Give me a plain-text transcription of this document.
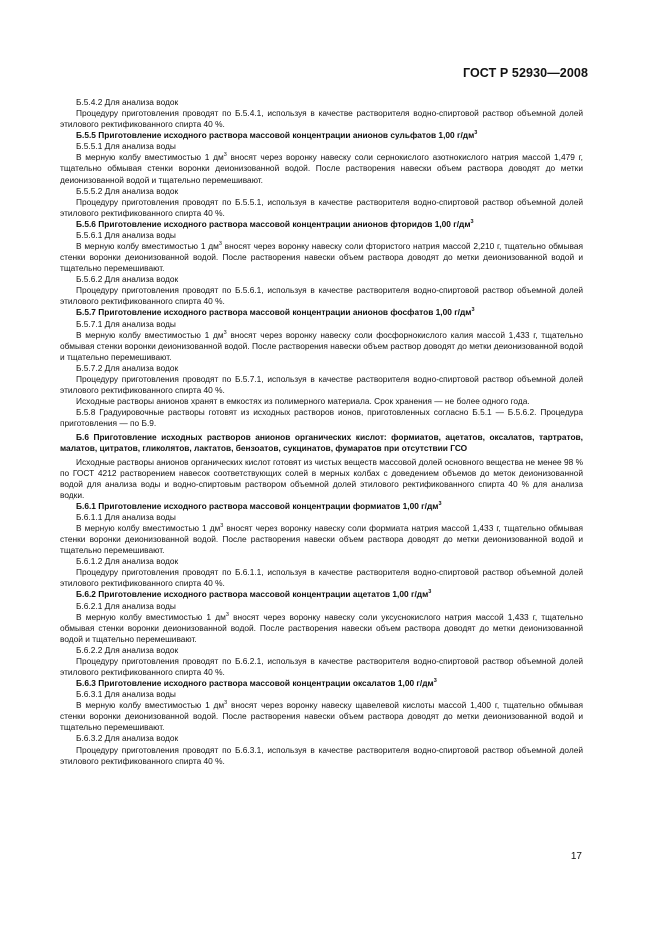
ГОСТ Р 52930—2008

Б.5.4.2 Для анализа водок

Процедуру приготовления проводят по Б.5.4.1, используя в качестве растворителя водно-спиртовой раствор объемной долей этилового ректификованного спирта 40 %.

Б.5.5 Приготовление исходного раствора массовой концентрации анионов сульфатов 1,00 $г/дм^3$

Б.5.5.1 Для анализа воды

В мерную колбу вместимостью 1 $дм^3$ вносят через воронку навеску соли сернокислого азотнокислого натрия массой 1,479 г, тщательно обмывая стенки воронки деионизованной водой. После растворения навески объем раствора доводят до метки деионизованной водой и тщательно перемешивают.

Б.5.5.2 Для анализа водок

Процедуру приготовления проводят по Б.5.5.1, используя в качестве растворителя водно-спиртовой раствор объемной долей этилового ректификованного спирта 40 %.

Б.5.6 Приготовление исходного раствора массовой концентрации анионов фторидов 1,00 $г/дм^3$

Б.5.6.1 Для анализа воды

В мерную колбу вместимостью 1 $дм^3$ вносят через воронку навеску соли фтористого натрия массой 2,210 г, тщательно обмывая стенки воронки деионизованной водой. После растворения навески объем раствора доводят до метки деионизованной водой и тщательно перемешивают.

Б.5.6.2 Для анализа водок

Процедуру приготовления проводят по Б.5.6.1, используя в качестве растворителя водно-спиртовой раствор объемной долей этилового ректификованного спирта 40 %.

Б.5.7 Приготовление исходного раствора массовой концентрации анионов фосфатов 1,00 $г/дм^3$

Б.5.7.1 Для анализа воды

В мерную колбу вместимостью 1 $дм^3$ вносят через воронку навеску соли фосфорнокислого калия массой 1,433 г, тщательно обмывая стенки воронки деионизованной водой. После растворения навески объем раствор доводят до метки деионизованной водой и тщательно перемешивают.

Б.5.7.2 Для анализа водок

Процедуру приготовления проводят по Б.5.7.1, используя в качестве растворителя водно-спиртовой раствор объемной долей этилового ректификованного спирта 40 %.

Исходные растворы анионов хранят в емкостях из полимерного материала. Срок хранения — не более одного года.

Б.5.8 Градуировочные растворы готовят из исходных растворов ионов, приготовленных согласно Б.5.1 — Б.5.6.2. Процедура приготовления — по Б.9.

Б.6 Приготовление исходных растворов анионов органических кислот: формиатов, ацетатов, оксалатов, тартратов, малатов, цитратов, гликолятов, лактатов, бензоатов, сукцинатов, фумаратов при отсутствии ГСО

Исходные растворы анионов органических кислот готовят из чистых веществ массовой долей основного вещества не менее 98 % по ГОСТ 4212 растворением навесок соответствующих солей в мерных колбах с доведением объемов до меток деионизованной водой для анализа воды и водно-спиртовым раствором объемной долей этилового ректификованного спирта 40 % для анализа водки.

Б.6.1 Приготовление исходного раствора массовой концентрации формиатов 1,00 $г/дм^3$

Б.6.1.1 Для анализа воды

В мерную колбу вместимостью 1 $дм^3$ вносят через воронку навеску соли формиата натрия массой 1,433 г, тщательно обмывая стенки воронки деионизованной водой. После растворения навески объем раствора доводят до метки деионизованной водой и тщательно перемешивают.

Б.6.1.2 Для анализа водок

Процедуру приготовления проводят по Б.6.1.1, используя в качестве растворителя водно-спиртовой раствор объемной долей этилового ректификованного спирта 40 %.

Б.6.2 Приготовление исходного раствора массовой концентрации ацетатов 1,00 $г/дм^3$

Б.6.2.1 Для анализа воды

В мерную колбу вместимостью 1 $дм^3$ вносят через воронку навеску соли уксуснокислого натрия массой 1,433 г, тщательно обмывая стенки воронки деионизованной водой. После растворения навески объем раствора доводят до метки деионизованной водой и тщательно перемешивают.

Б.6.2.2 Для анализа водок

Процедуру приготовления проводят по Б.6.2.1, используя в качестве растворителя водно-спиртовой раствор объемной долей этилового ректификованного спирта 40 %.

Б.6.3 Приготовление исходного раствора массовой концентрации оксалатов 1,00 $г/дм^3$

Б.6.3.1 Для анализа воды

В мерную колбу вместимостью 1 $дм^3$ вносят через воронку навеску щавелевой кислоты массой 1,400 г, тщательно обмывая стенки воронки деионизованной водой. После растворения навески объем раствора доводят до метки деионизованной водой и тщательно перемешивают.

Б.6.3.2 Для анализа водок

Процедуру приготовления проводят по Б.6.3.1, используя в качестве растворителя водно-спиртовой раствор объемной долей этилового ректификованного спирта 40 %.

17
